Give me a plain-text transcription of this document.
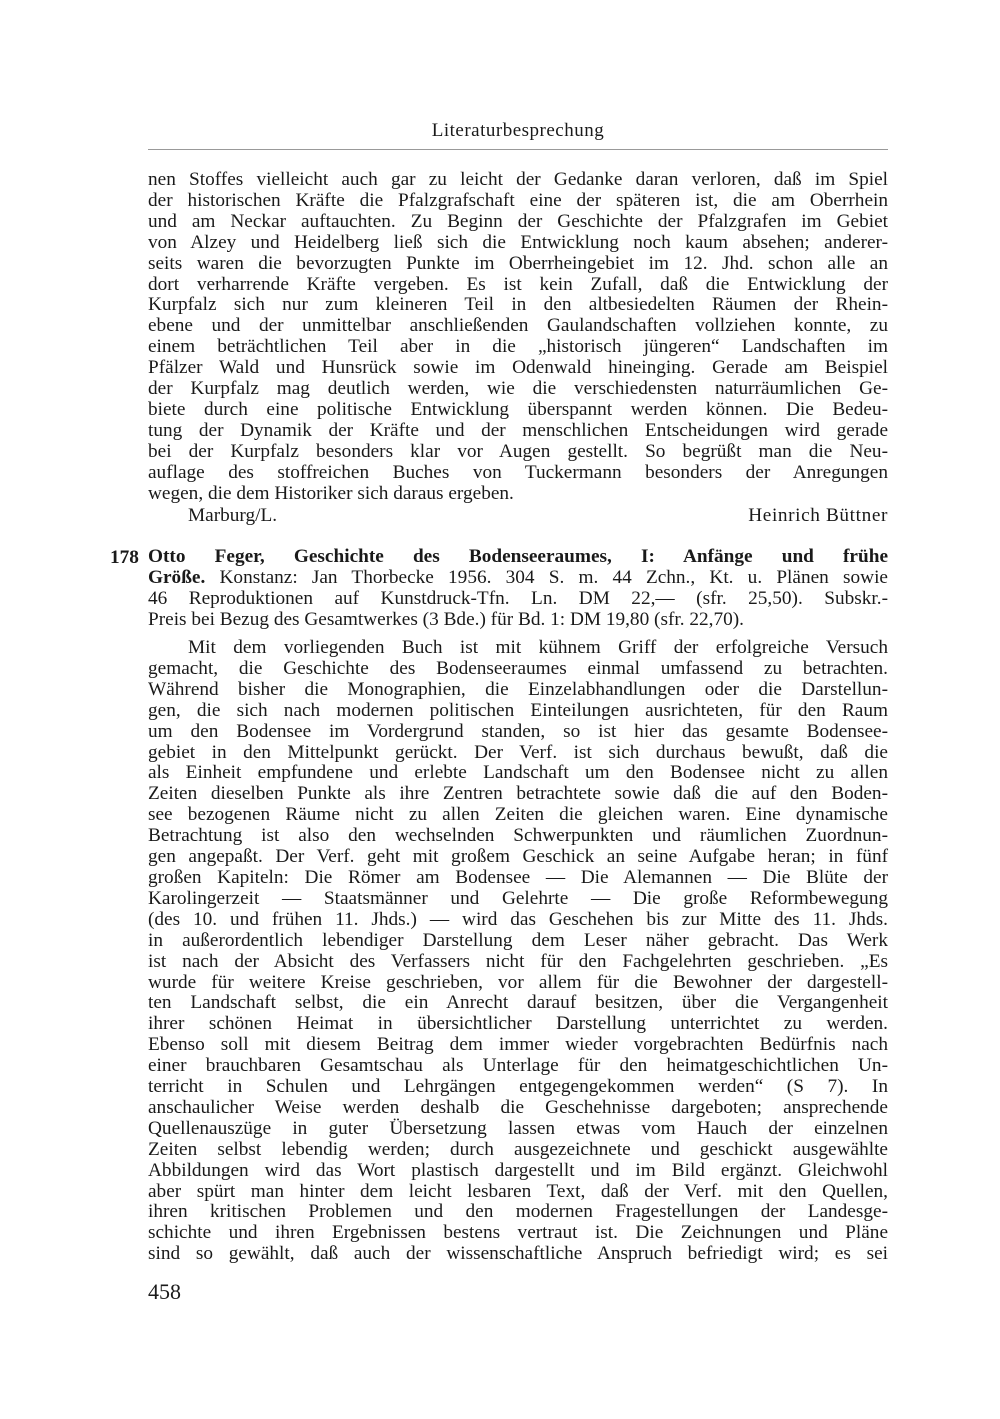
Literaturbesprechung
nen Stoffes vielleicht auch gar zu leicht der Gedanke daran verloren, daß im Spiel
der historischen Kräfte die Pfalzgrafschaft eine der späteren ist, die am Oberrhein
und am Neckar auftauchten. Zu Beginn der Geschichte der Pfalzgrafen im Gebiet
von Alzey und Heidelberg ließ sich die Entwicklung noch kaum absehen; anderer-
seits waren die bevorzugten Punkte im Oberrheingebiet im 12. Jhd. schon alle an
dort verharrende Kräfte vergeben. Es ist kein Zufall, daß die Entwicklung der
Kurpfalz sich nur zum kleineren Teil in den altbesiedelten Räumen der Rhein-
ebene und der unmittelbar anschließenden Gaulandschaften vollziehen konnte, zu
einem beträchtlichen Teil aber in die „historisch jüngeren“ Landschaften im
Pfälzer Wald und Hunsrück sowie im Odenwald hineinging. Gerade am Beispiel
der Kurpfalz mag deutlich werden, wie die verschiedensten naturräumlichen Ge-
biete durch eine politische Entwicklung überspannt werden können. Die Bedeu-
tung der Dynamik der Kräfte und der menschlichen Entscheidungen wird gerade
bei der Kurpfalz besonders klar vor Augen gestellt. So begrüßt man die Neu-
auflage des stoffreichen Buches von Tuckermann besonders der Anregungen
wegen, die dem Historiker sich daraus ergeben.
Marburg/L.	Heinrich Büttner
178 Otto Feger, Geschichte des Bodenseeraumes, I: Anfänge und frühe
Größe. Konstanz: Jan Thorbecke 1956. 304 S. m. 44 Zchn., Kt. u. Plänen sowie
46 Reproduktionen auf Kunstdruck-Tfn. Ln. DM 22,— (sfr. 25,50). Subskr.-
Preis bei Bezug des Gesamtwerkes (3 Bde.) für Bd. 1: DM 19,80 (sfr. 22,70).
Mit dem vorliegenden Buch ist mit kühnem Griff der erfolgreiche Versuch
gemacht, die Geschichte des Bodenseeraumes einmal umfassend zu betrachten.
Während bisher die Monographien, die Einzelabhandlungen oder die Darstellun-
gen, die sich nach modernen politischen Einteilungen ausrichteten, für den Raum
um den Bodensee im Vordergrund standen, so ist hier das gesamte Bodensee-
gebiet in den Mittelpunkt gerückt. Der Verf. ist sich durchaus bewußt, daß die
als Einheit empfundene und erlebte Landschaft um den Bodensee nicht zu allen
Zeiten dieselben Punkte als ihre Zentren betrachtete sowie daß die auf den Boden-
see bezogenen Räume nicht zu allen Zeiten die gleichen waren. Eine dynamische
Betrachtung ist also den wechselnden Schwerpunkten und räumlichen Zuordnun-
gen angepaßt. Der Verf. geht mit großem Geschick an seine Aufgabe heran; in fünf
großen Kapiteln: Die Römer am Bodensee — Die Alemannen — Die Blüte der
Karolingerzeit — Staatsmänner und Gelehrte — Die große Reformbewegung
(des 10. und frühen 11. Jhds.) — wird das Geschehen bis zur Mitte des 11. Jhds.
in außerordentlich lebendiger Darstellung dem Leser näher gebracht. Das Werk
ist nach der Absicht des Verfassers nicht für den Fachgelehrten geschrieben. „Es
wurde für weitere Kreise geschrieben, vor allem für die Bewohner der dargestell-
ten Landschaft selbst, die ein Anrecht darauf besitzen, über die Vergangenheit
ihrer schönen Heimat in übersichtlicher Darstellung unterrichtet zu werden.
Ebenso soll mit diesem Beitrag dem immer wieder vorgebrachten Bedürfnis nach
einer brauchbaren Gesamtschau als Unterlage für den heimatgeschichtlichen Un-
terricht in Schulen und Lehrgängen entgegengekommen werden“ (S 7). In
anschaulicher Weise werden deshalb die Geschehnisse dargeboten; ansprechende
Quellenauszüge in guter Übersetzung lassen etwas vom Hauch der einzelnen
Zeiten selbst lebendig werden; durch ausgezeichnete und geschickt ausgewählte
Abbildungen wird das Wort plastisch dargestellt und im Bild ergänzt. Gleichwohl
aber spürt man hinter dem leicht lesbaren Text, daß der Verf. mit den Quellen,
ihren kritischen Problemen und den modernen Fragestellungen der Landesge-
schichte und ihren Ergebnissen bestens vertraut ist. Die Zeichnungen und Pläne
sind so gewählt, daß auch der wissenschaftliche Anspruch befriedigt wird; es sei
458
